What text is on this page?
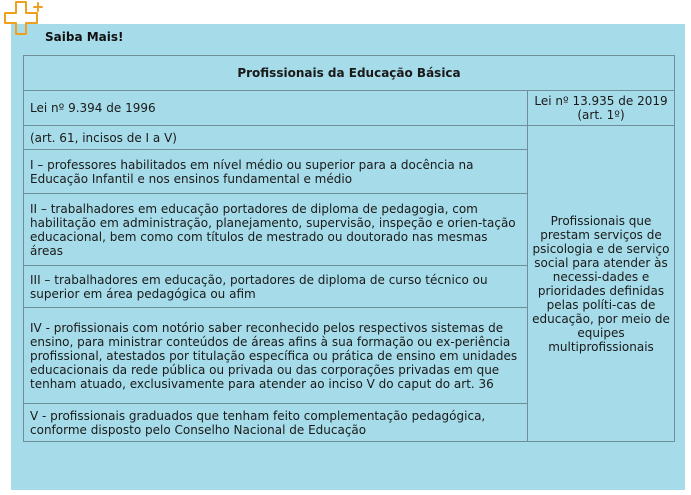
Saiba Mais!
Profissionais da Educação Básica	
Lei nº 9.394 de 1996	Lei nº 13.935 de 2019 (art. 1º)
(art. 61, incisos de I a V)	Profissionais que prestam serviços de psicologia e de serviço social para atender às necessi-dades e prioridades definidas pelas políti-cas de educação, por meio de equipes multiprofissionais
I – professores habilitados em nível médio ou superior para a docência na Educação Infantil e nos ensinos fundamental e médio	
II – trabalhadores em educação portadores de diploma de pedagogia, com habilitação em administração, planejamento, supervisão, inspeção e orien-tação educacional, bem como com títulos de mestrado ou doutorado nas mesmas áreas	
III – trabalhadores em educação, portadores de diploma de curso técnico ou superior em área pedagógica ou afim	
IV - profissionais com notório saber reconhecido pelos respectivos sistemas de ensino, para ministrar conteúdos de áreas afins à sua formação ou ex-periência profissional, atestados por titulação específica ou prática de ensino em unidades educacionais da rede pública ou privada ou das corporações privadas em que tenham atuado, exclusivamente para atender ao inciso V do caput do art. 36	
V - profissionais graduados que tenham feito complementação pedagógica, conforme disposto pelo Conselho Nacional de Educação	
